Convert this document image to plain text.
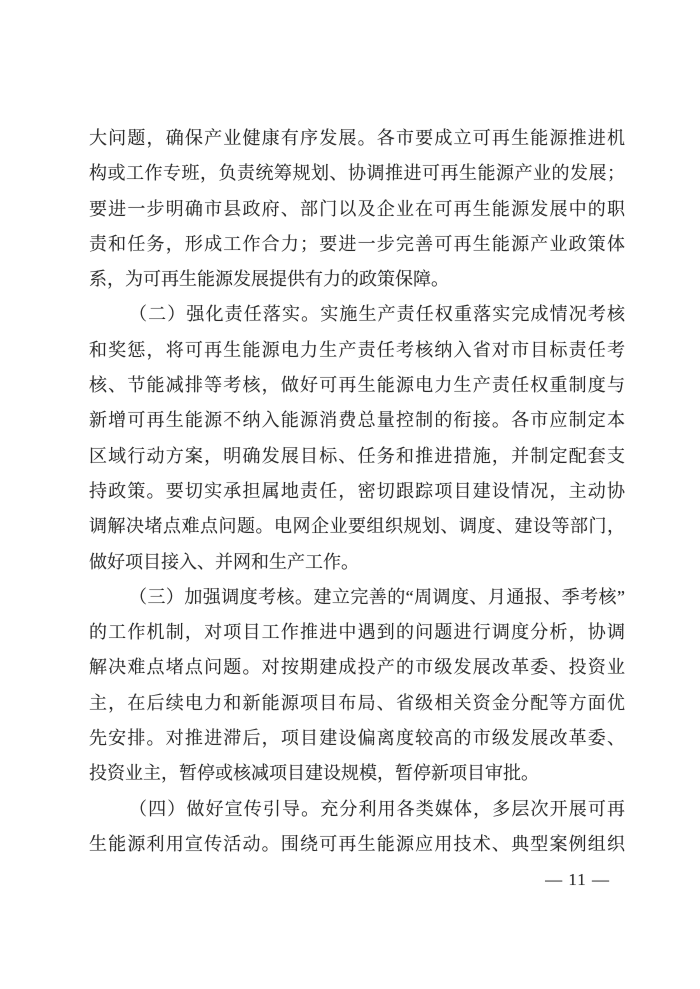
大问题，确保产业健康有序发展。各市要成立可再生能源推进机
构或工作专班，负责统筹规划、协调推进可再生能源产业的发展；
要进一步明确市县政府、部门以及企业在可再生能源发展中的职
责和任务，形成工作合力；要进一步完善可再生能源产业政策体
系，为可再生能源发展提供有力的政策保障。
（二）强化责任落实。实施生产责任权重落实完成情况考核
和奖惩，将可再生能源电力生产责任考核纳入省对市目标责任考
核、节能减排等考核，做好可再生能源电力生产责任权重制度与
新增可再生能源不纳入能源消费总量控制的衔接。各市应制定本
区域行动方案，明确发展目标、任务和推进措施，并制定配套支
持政策。要切实承担属地责任，密切跟踪项目建设情况，主动协
调解决堵点难点问题。电网企业要组织规划、调度、建设等部门，
做好项目接入、并网和生产工作。
（三）加强调度考核。建立完善的“周调度、月通报、季考核”
的工作机制，对项目工作推进中遇到的问题进行调度分析，协调
解决难点堵点问题。对按期建成投产的市级发展改革委、投资业
主，在后续电力和新能源项目布局、省级相关资金分配等方面优
先安排。对推进滞后，项目建设偏离度较高的市级发展改革委、
投资业主，暂停或核减项目建设规模，暂停新项目审批。
（四）做好宣传引导。充分利用各类媒体，多层次开展可再
生能源利用宣传活动。围绕可再生能源应用技术、典型案例组织
— 11 —
